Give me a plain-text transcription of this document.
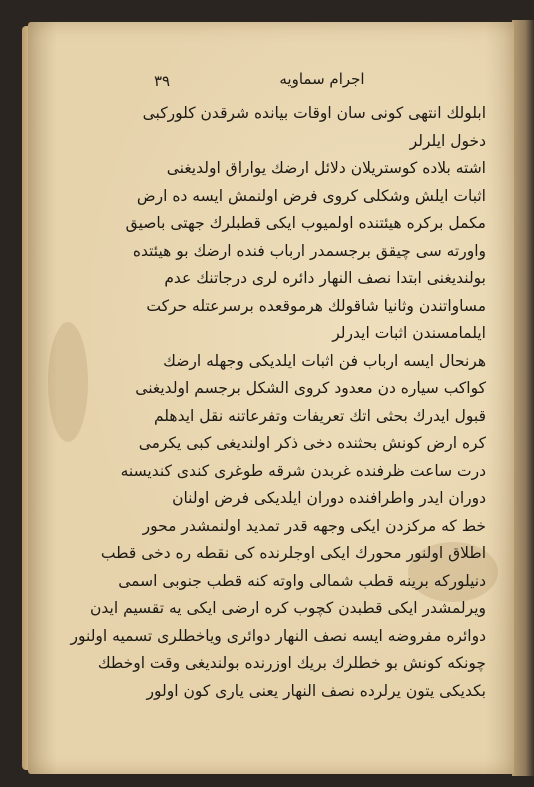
۳۹	اجرام سماويه
ابلولك انتهى كونى سان اوقات بيانده شرقدن كلوركبى
دخول ايلرلر
اشته بلاده كوستريلان دلائل ارضك يواراق اولديغنى
اثبات ايلش وشكلى كروى فرض اولنمش ايسه ده ارض
مكمل بركره هيئتنده اولميوب ايكى قطبلرك جهتى باصيق
واورته سى چيقق برجسمدر ارباب فنده ارضك بو هيئتده
بولنديغنى ابتدا نصف النهار دائره لرى درجاتنك عدم
مساواتندن وثانيا شاقولك هرموقعده برسرعتله حركت
ايلمامسندن اثبات ايدرلر
هرنحال ايسه ارباب فن اثبات ايلديكى وجهله ارضك
كواكب سياره دن معدود كروى الشكل برجسم اولديغنى
قبول ايدرك بحثى اتك تعريفات وتفرعاتنه نقل ايدهلم
كره ارض كونش بحثنده دخى ذكر اولنديغى كبى يكرمى
درت ساعت ظرفنده غربدن شرقه طوغرى كندى كنديسنه
دوران ايدر واطرافنده دوران ايلديكى فرض اولنان
خط كه مركزدن ايكى وجهه قدر تمديد اولنمشدر محور
اطلاق اولنور محورك ايكى اوجلرنده كى نقطه ره دخى قطب
دنيلوركه برينه قطب شمالى واوته كنه قطب جنوبى اسمى
ويرلمشدر ايكى قطبدن كچوب كره ارضى ايكى يه تقسيم ايدن
دوائره مفروضه ايسه نصف النهار دوائرى وياخطلرى تسميه اولنور
چونكه كونش بو خطلرك بريك اوزرنده بولنديغى وقت اوخطك
بكديكى يتون يرلرده نصف النهار يعنى يارى كون اولور
